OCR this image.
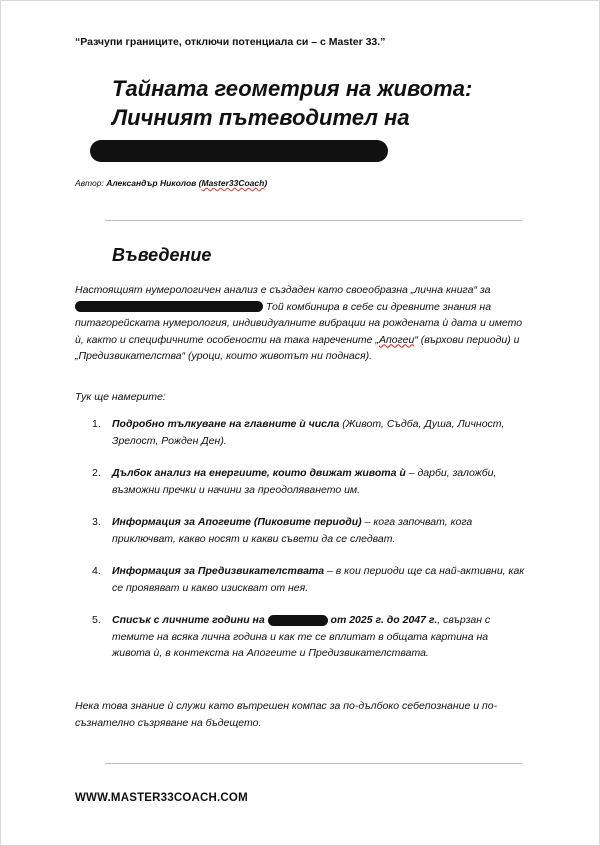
“Разчупи границите, отключи потенциала си – с Master 33.”
Тайната геометрия на живота:
Личният пътеводител на
Автор: Александър Николов (Master33Coach)
Въведение
Настоящият нумерологичен анализ е създаден като своеобразна „лична книга“ за  Той комбинира в себе си древните знания на питагорейската нумерология, индивидуалните вибрации на рождената ѝ дата и името ѝ, както и специфичните особености на така наречените „Апогеи“ (върхови периоди) и „Предизвикателства“ (уроци, които животът ни поднася).
Тук ще намерите:
1. Подробно тълкуване на главните ѝ числа (Живот, Съдба, Душа, Личност, Зрелост, Рожден Ден).
2. Дълбок анализ на енергиите, които движат живота ѝ – дарби, заложби, възможни пречки и начини за преодоляването им.
3. Информация за Апогеите (Пиковите периоди) – кога започват, кога приключват, какво носят и какви съвети да се следват.
4. Информация за Предизвикателствата – в кои периоди ще са най-активни, как се проявяват и какво изискват от нея.
5. Списък с личните години на	от 2025 г. до 2047 г., свързан с темите на всяка лична година и как те се вплитат в общата картина на живота ѝ, в контекста на Апогеите и Предизвикателствата.
Нека това знание ѝ служи като вътрешен компас за по-дълбоко себепознание и по-съзнателно съзряване на бъдещето.
WWW.MASTER33COACH.COM
